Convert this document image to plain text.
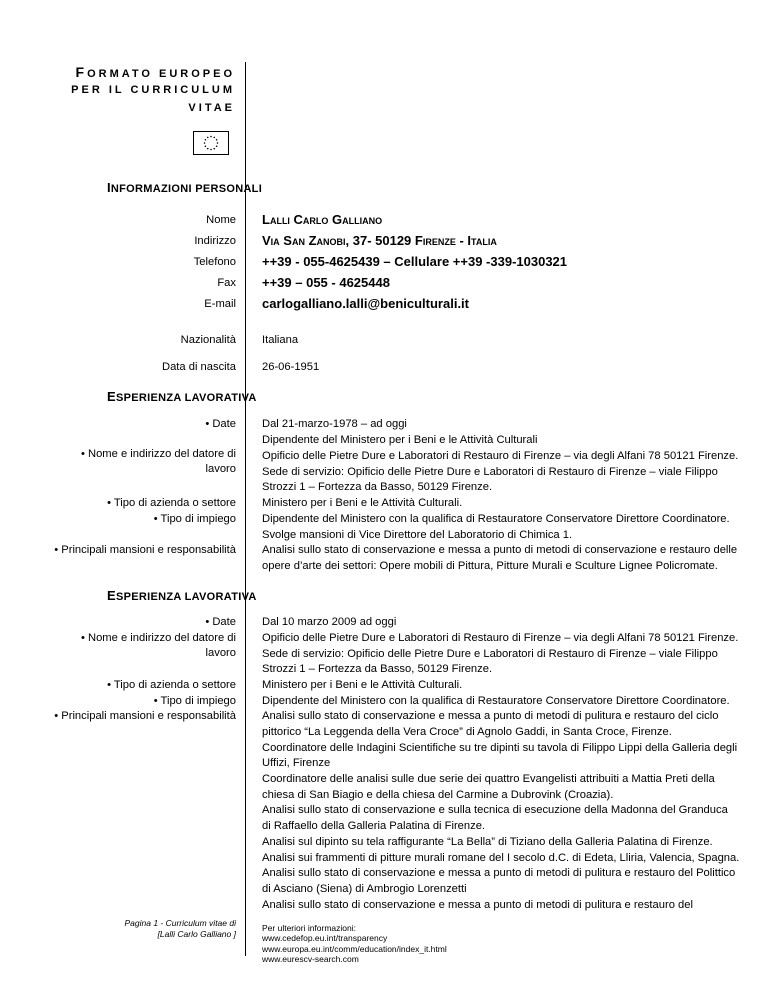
FORMATO EUROPEO
PER IL CURRICULUM
VITAE
INFORMAZIONI PERSONALI
Nome Lalli Carlo Galliano
Indirizzo Via San Zanobi, 37- 50129 Firenze - Italia
Telefono ++39 - 055-4625439 – Cellulare ++39 -339-1030321
Fax ++39 – 055 - 4625448
E-mail carlogalliano.lalli@beniculturali.it
Nazionalità Italiana
Data di nascita 26-06-1951
ESPERIENZA LAVORATIVA
• Date
• Nome e indirizzo del datore di
lavoro
• Tipo di azienda o settore
• Tipo di impiego
• Principali mansioni e responsabilità
Dal 21-marzo-1978 – ad oggi
Dipendente del Ministero per i Beni e le Attività Culturali
Opificio delle Pietre Dure e Laboratori di Restauro di Firenze – via degli Alfani 78 50121 Firenze.
Sede di servizio: Opificio delle Pietre Dure e Laboratori di Restauro di Firenze – viale Filippo
Strozzi 1 – Fortezza da Basso, 50129 Firenze.
Ministero per i Beni e le Attività Culturali.
Dipendente del Ministero con la qualifica di Restauratore Conservatore Direttore Coordinatore.
Svolge mansioni di Vice Direttore del Laboratorio di Chimica 1.
Analisi sullo stato di conservazione e messa a punto di metodi di conservazione e restauro delle
opere d’arte dei settori: Opere mobili di Pittura, Pitture Murali e Sculture Lignee Policromate.
ESPERIENZA LAVORATIVA
• Date
• Nome e indirizzo del datore di
lavoro
• Tipo di azienda o settore
• Tipo di impiego
• Principali mansioni e responsabilità
Dal 10 marzo 2009 ad oggi
Opificio delle Pietre Dure e Laboratori di Restauro di Firenze – via degli Alfani 78 50121 Firenze.
Sede di servizio: Opificio delle Pietre Dure e Laboratori di Restauro di Firenze – viale Filippo
Strozzi 1 – Fortezza da Basso, 50129 Firenze.
Ministero per i Beni e le Attività Culturali.
Dipendente del Ministero con la qualifica di Restauratore Conservatore Direttore Coordinatore.
Analisi sullo stato di conservazione e messa a punto di metodi di pulitura e restauro del ciclo
pittorico “La Leggenda della Vera Croce” di Agnolo Gaddi, in Santa Croce, Firenze.
Coordinatore delle Indagini Scientifiche su tre dipinti su tavola di Filippo Lippi della Galleria degli
Uffizi, Firenze
Coordinatore delle analisi sulle due serie dei quattro Evangelisti attribuiti a Mattia Preti della
chiesa di San Biagio e della chiesa del Carmine a Dubrovink (Croazia).
Analisi sullo stato di conservazione e sulla tecnica di esecuzione della Madonna del Granduca
di Raffaello della Galleria Palatina di Firenze.
Analisi sul dipinto su tela raffigurante “La Bella” di Tiziano della Galleria Palatina di Firenze.
Analisi sui frammenti di pitture murali romane del I secolo d.C. di Edeta, Lliria, Valencia, Spagna.
Analisi sullo stato di conservazione e messa a punto di metodi di pulitura e restauro del Polittico
di Asciano (Siena) di Ambrogio Lorenzetti
Analisi sullo stato di conservazione e messa a punto di metodi di pulitura e restauro del
Pagina 1 - Curriculum vitae di
[Lalli Carlo Galliano ]
Per ulteriori informazioni:
www.cedefop.eu.int/transparency
www.europa.eu.int/comm/education/index_it.html
www.eurescv-search.com
